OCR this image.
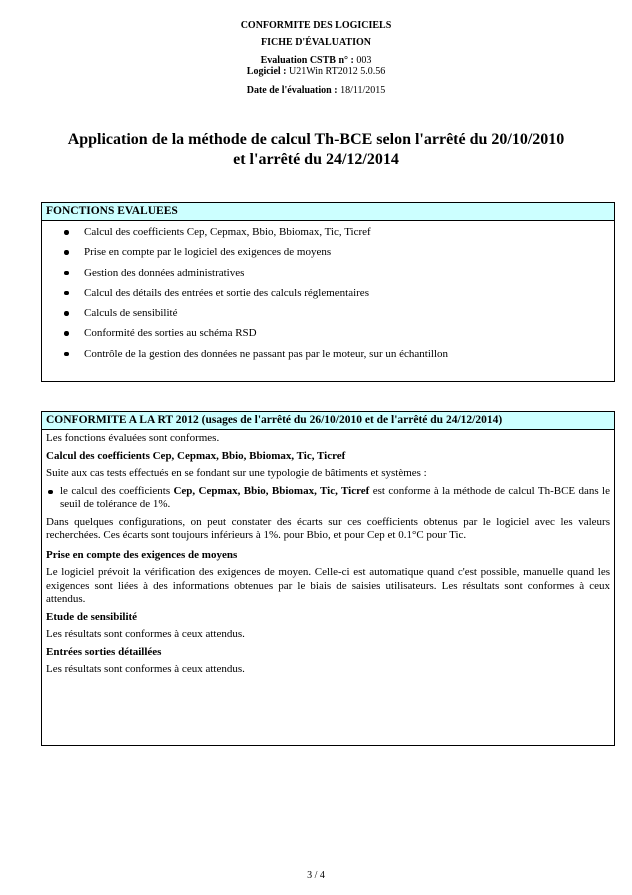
CONFORMITE DES LOGICIELS
FICHE D'ÉVALUATION
Evaluation CSTB n° : 003
Logiciel : U21Win RT2012 5.0.56
Date de l'évaluation : 18/11/2015
Application de la méthode de calcul Th-BCE selon l'arrêté du 20/10/2010
et l'arrêté du 24/12/2014
FONCTIONS EVALUEES
Calcul des coefficients Cep, Cepmax, Bbio, Bbiomax, Tic, Ticref
Prise en compte par le logiciel des exigences de moyens
Gestion des données administratives
Calcul des détails des entrées et sortie des calculs réglementaires
Calculs de sensibilité
Conformité des sorties au schéma RSD
Contrôle de la gestion des données ne passant pas par le moteur, sur un échantillon
CONFORMITE A LA RT 2012 (usages de l'arrêté du 26/10/2010 et de l'arrêté du 24/12/2014)

Les fonctions évaluées sont conformes.

Calcul des coefficients Cep, Cepmax, Bbio, Bbiomax, Tic, Ticref

Suite aux cas tests effectués en se fondant sur une typologie de bâtiments et systèmes :

le calcul des coefficients Cep, Cepmax, Bbio, Bbiomax, Tic, Ticref est conforme à la méthode de calcul Th-BCE dans le seuil de tolérance de 1%.

Dans quelques configurations, on peut constater des écarts sur ces coefficients obtenus par le logiciel avec les valeurs recherchées. Ces écarts sont toujours inférieurs à 1%. pour Bbio, et pour Cep et 0.1°C pour Tic.

Prise en compte des exigences de moyens

Le logiciel prévoit la vérification des exigences de moyen. Celle-ci est automatique quand c'est possible, manuelle quand les exigences sont liées à des informations obtenues par le biais de saisies utilisateurs. Les résultats sont conformes à ceux attendus.

Etude de sensibilité

Les résultats sont conformes à ceux attendus.

Entrées sorties détaillées

Les résultats sont conformes à ceux attendus.

3 / 4
